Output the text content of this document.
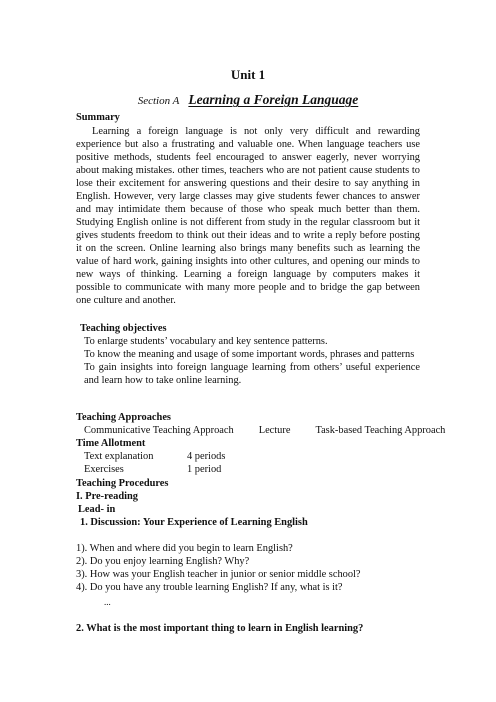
Unit 1
Section A Learning a Foreign Language
Summary
Learning a foreign language is not only very difficult and rewarding experience but also a frustrating and valuable one. When language teachers use positive methods, students feel encouraged to answer eagerly, never worrying about making mistakes. other times, teachers who are not patient cause students to lose their excitement for answering questions and their desire to say anything in English. However, very large classes may give students fewer chances to answer and may intimidate them because of those who speak much better than them. Studying English online is not different from study in the regular classroom but it gives students freedom to think out their ideas and to write a reply before posting it on the screen. Online learning also brings many benefits such as learning the value of hard work, gaining insights into other cultures, and opening our minds to new ways of thinking. Learning a foreign language by computers makes it possible to communicate with many more people and to bridge the gap between one culture and another.
Teaching objectives

To enlarge students’ vocabulary and key sentence patterns.

To know the meaning and usage of some important words, phrases and patterns

To gain insights into foreign language learning from others’ useful experience and learn how to take online learning.

Teaching Approaches
Communicative Teaching Approach Lecture Task-based Teaching Approach
Time Allotment
Text explanation	4 periods
Exercises	1 period
Teaching Procedures
I. Pre-reading
Lead- in
1. Discussion: Your Experience of Learning English

1). When and where did you begin to learn English?

2). Do you enjoy learning English? Why?

3). How was your English teacher in junior or senior middle school?

4). Do you have any trouble learning English? If any, what is it?

...
2. What is the most important thing to learn in English learning?
